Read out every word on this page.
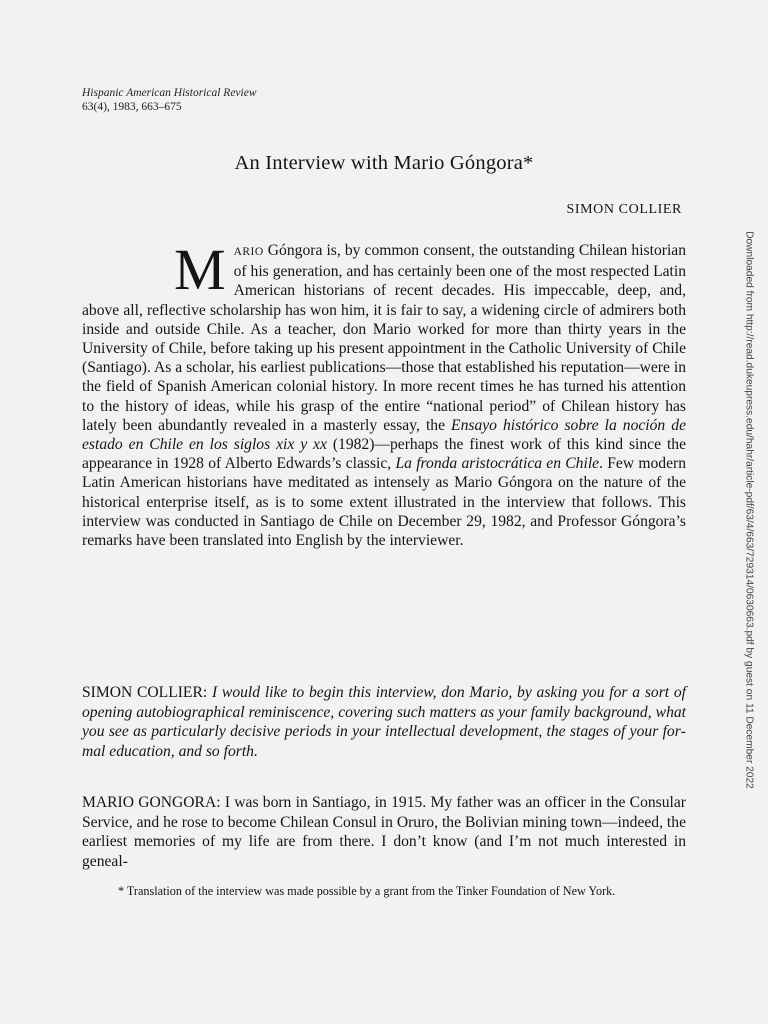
Hispanic American Historical Review
63(4), 1983, 663–675
An Interview with Mario Góngora*
SIMON COLLIER
MARIO Góngora is, by common consent, the outstanding Chilean historian of his generation, and has certainly been one of the most respected Latin American historians of recent decades. His impeccable, deep, and, above all, reflective scholarship has won him, it is fair to say, a widening circle of admirers both inside and outside Chile. As a teacher, don Mario worked for more than thirty years in the University of Chile, before taking up his present appointment in the Catholic University of Chile (Santiago). As a scholar, his earliest publications—those that established his reputation—were in the field of Spanish American colonial history. In more recent times he has turned his attention to the history of ideas, while his grasp of the entire “national period” of Chilean history has lately been abundantly revealed in a masterly essay, the Ensayo histórico sobre la noción de estado en Chile en los siglos xix y xx (1982)—perhaps the finest work of this kind since the appearance in 1928 of Alberto Edwards’s classic, La fronda aristocrática en Chile. Few modern Latin American historians have meditated as intensely as Mario Góngora on the nature of the historical enterprise itself, as is to some extent illustrated in the interview that follows. This interview was conducted in Santiago de Chile on December 29, 1982, and Professor Góngora’s remarks have been translated into English by the interviewer.
SIMON COLLIER: I would like to begin this interview, don Mario, by asking you for a sort of opening autobiographical reminiscence, covering such matters as your family background, what you see as particularly decisive periods in your intellectual development, the stages of your formal education, and so forth.
MARIO GONGORA: I was born in Santiago, in 1915. My father was an officer in the Consular Service, and he rose to become Chilean Consul in Oruro, the Bolivian mining town—indeed, the earliest memories of my life are from there. I don’t know (and I’m not much interested in geneal-
* Translation of the interview was made possible by a grant from the Tinker Foundation of New York.
Downloaded from http://read.dukeupress.edu/hahr/article-pdf/63/4/663/729314/0630663.pdf by guest on 11 December 2022
